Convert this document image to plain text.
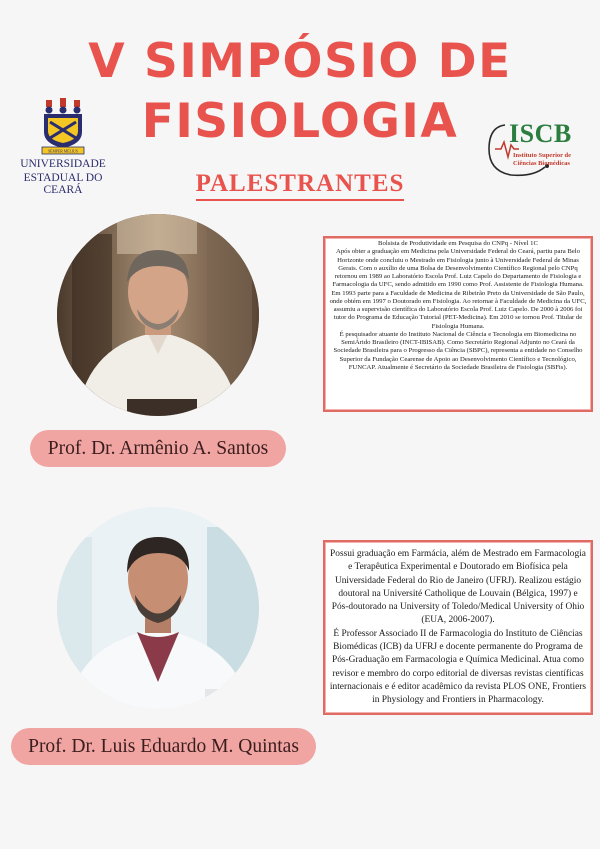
V SIMPÓSIO DE
FISIOLOGIA
PALESTRANTES
SEMPER MELIUS
UNIVERSIDADE
ESTADUAL DO CEARÁ
ISCB
Instituto Superior de
Ciências Biomédicas
Prof. Dr. Armênio A. Santos

Bolsista de Produtividade em Pesquisa do CNPq - Nível 1C

Após obter a graduação em Medicina pela Universidade Federal do Ceará, partiu para Belo Horizonte onde concluiu o Mestrado em Fisiologia junto à Universidade Federal de Minas Gerais. Com o auxílio de uma Bolsa de Desenvolvimento Científico Regional pelo CNPq retornou em 1989 ao Laboratório Escola Prof. Luiz Capelo do Departamento de Fisiologia e Farmacologia da UFC, sendo admitido em 1990 como Prof. Assistente de Fisiologia Humana. Em 1993 parte para a Faculdade de Medicina de Ribeirão Preto da Universidade de São Paulo, onde obtém em 1997 o Doutorado em Fisiologia. Ao retornar à Faculdade de Medicina da UFC, assumiu a supervisão científica do Laboratório Escola Prof. Luiz Capelo. De 2000 à 2006 foi tutor do Programa de Educação Tutorial (PET-Medicina). Em 2010 se tornou Prof. Titular de Fisiologia Humana.

É pesquisador atuante do Instituto Nacional de Ciência e Tecnologia em Biomedicina no SemiÁrido Brasileiro (INCT-IBISAB). Como Secretário Regional Adjunto no Ceará da Sociedade Brasileira para o Progresso da Ciência (SBPC), representa a entidade no Conselho Superior da Fundação Cearense de Apoio ao Desenvolvimento Científico e Tecnológico, FUNCAP. Atualmente é Secretário da Sociedade Brasileira de Fisiologia (SBFis).

Prof. Dr. Luis Eduardo M. Quintas

Possui graduação em Farmácia, além de Mestrado em Farmacologia e Terapêutica Experimental e Doutorado em Biofísica pela Universidade Federal do Rio de Janeiro (UFRJ). Realizou estágio doutoral na Université Catholique de Louvain (Bélgica, 1997) e Pós-doutorado na University of Toledo/Medical University of Ohio (EUA, 2006-2007).

É Professor Associado II de Farmacologia do Instituto de Ciências Biomédicas (ICB) da UFRJ e docente permanente do Programa de Pós-Graduação em Farmacologia e Química Medicinal. Atua como revisor e membro do corpo editorial de diversas revistas científicas internacionais e é editor acadêmico da revista PLOS ONE, Frontiers in Physiology and Frontiers in Pharmacology.
